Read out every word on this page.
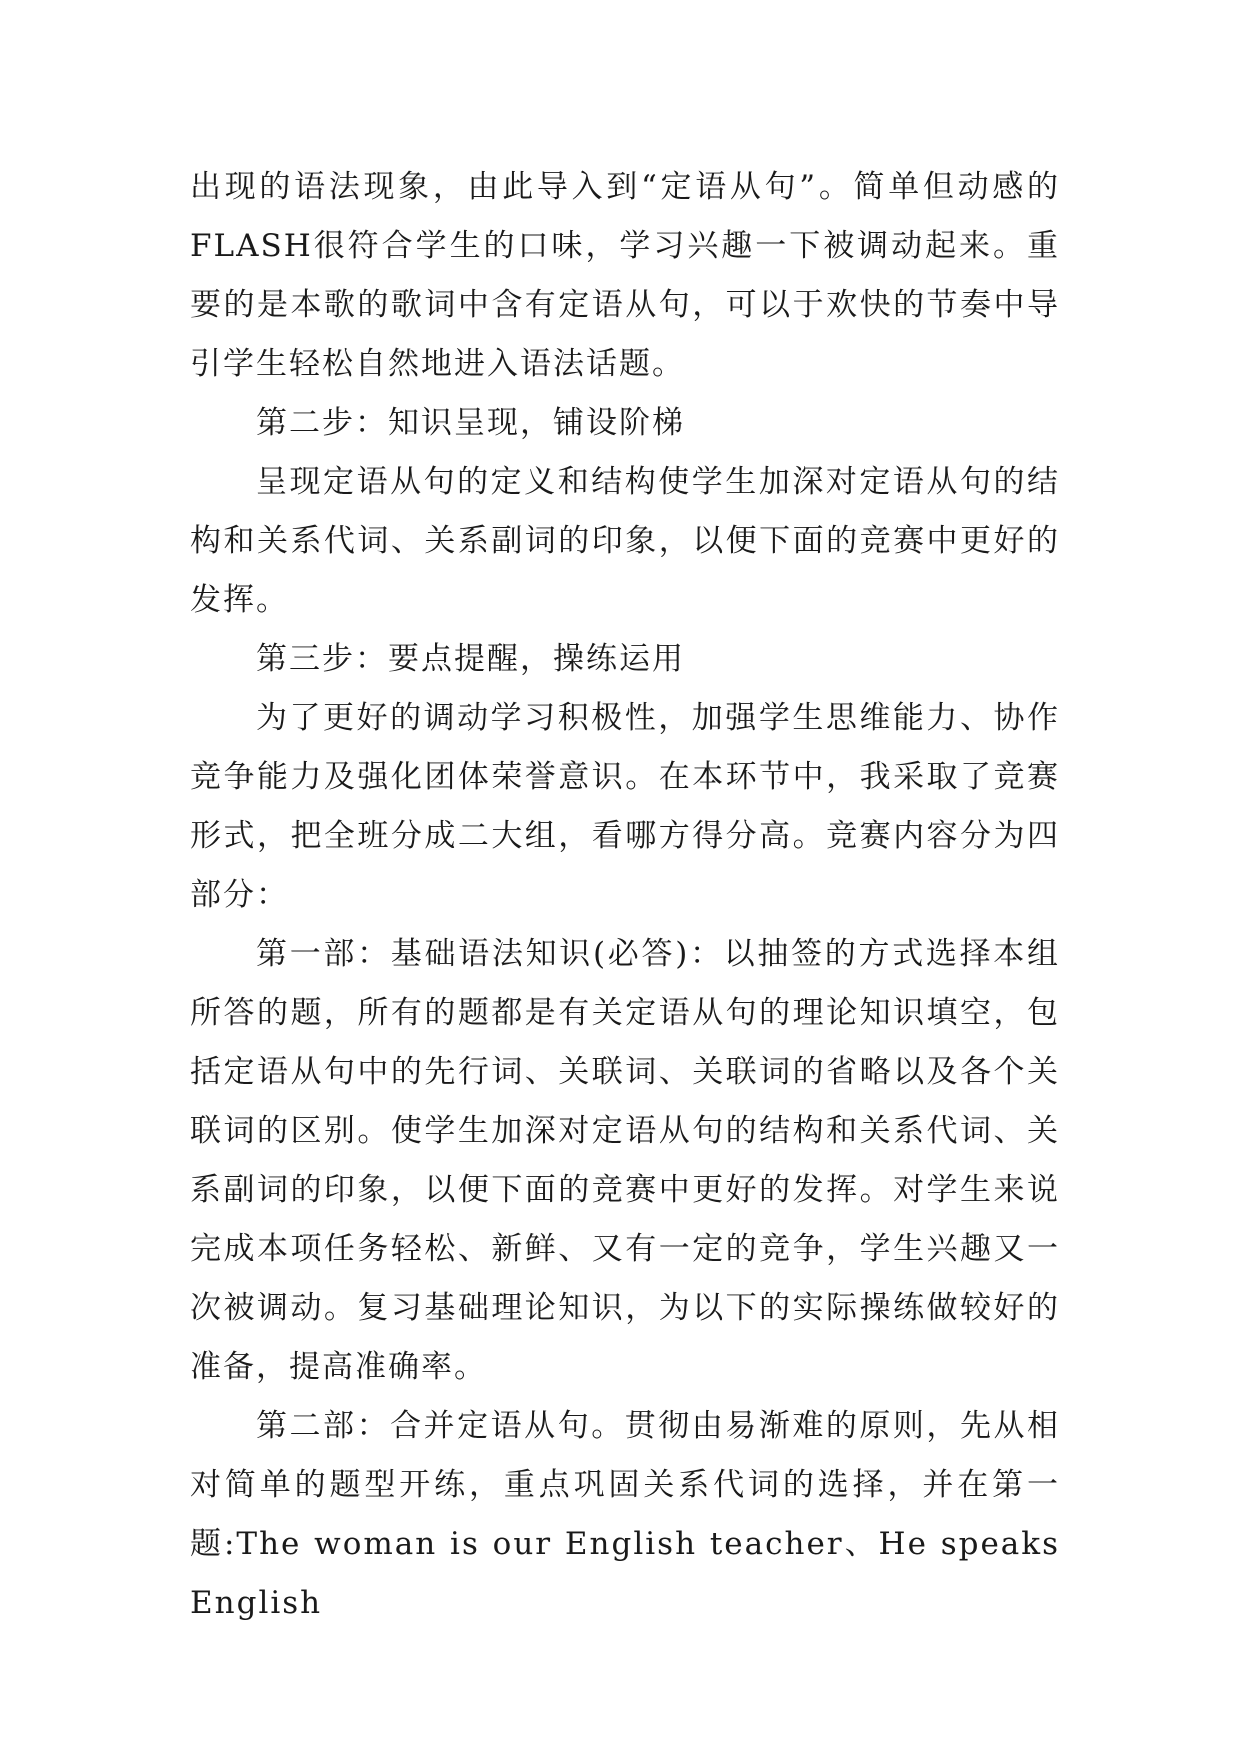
出现的语法现象，由此导入到“定语从句”。简单但动感的FLASH很符合学生的口味，学习兴趣一下被调动起来。重要的是本歌的歌词中含有定语从句，可以于欢快的节奏中导引学生轻松自然地进入语法话题。

第二步：知识呈现，铺设阶梯

呈现定语从句的定义和结构使学生加深对定语从句的结构和关系代词、关系副词的印象，以便下面的竞赛中更好的发挥。

第三步：要点提醒，操练运用

为了更好的调动学习积极性，加强学生思维能力、协作竞争能力及强化团体荣誉意识。在本环节中，我采取了竞赛形式，把全班分成二大组，看哪方得分高。竞赛内容分为四部分：

第一部：基础语法知识(必答)：以抽签的方式选择本组所答的题，所有的题都是有关定语从句的理论知识填空，包括定语从句中的先行词、关联词、关联词的省略以及各个关联词的区别。使学生加深对定语从句的结构和关系代词、关系副词的印象，以便下面的竞赛中更好的发挥。对学生来说完成本项任务轻松、新鲜、又有一定的竞争，学生兴趣又一次被调动。复习基础理论知识，为以下的实际操练做较好的准备，提高准确率。

第二部：合并定语从句。贯彻由易渐难的原则，先从相对简单的题型开练，重点巩固关系代词的选择，并在第一题:The woman is our English teacher、He speaks English
